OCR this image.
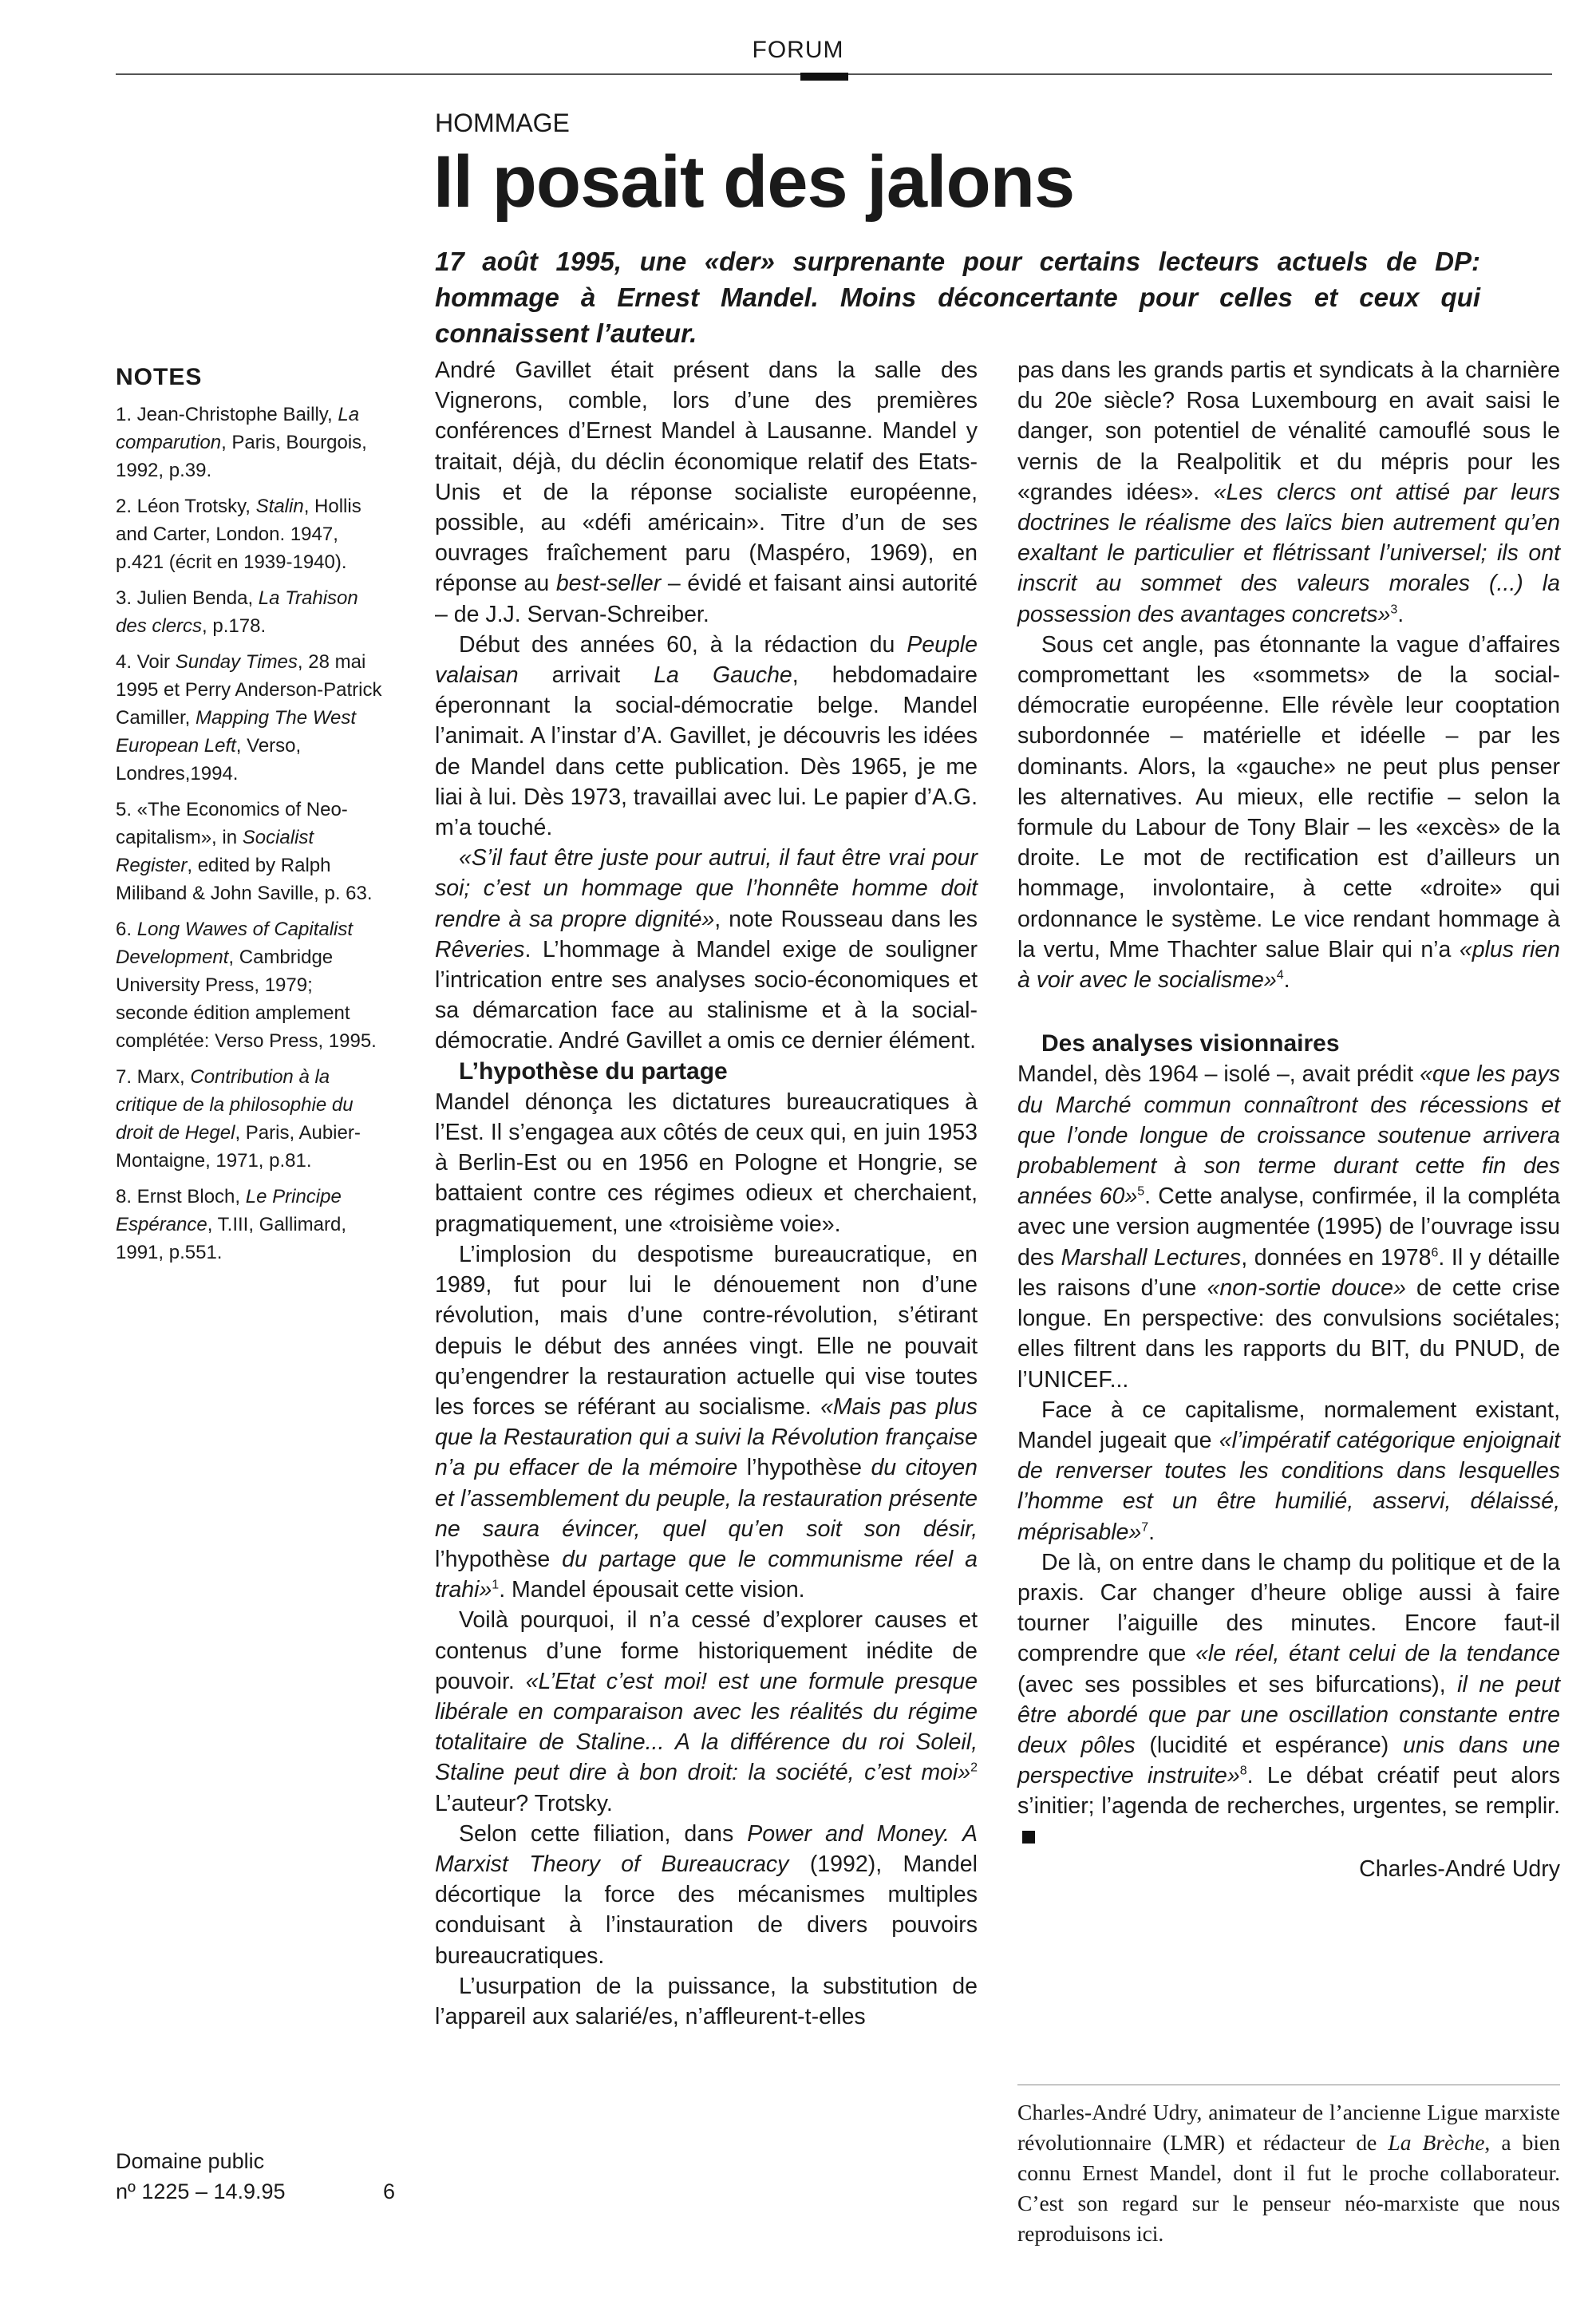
FORUM
HOMMAGE
Il posait des jalons
17 août 1995, une «der» surprenante pour certains lecteurs actuels de DP: hommage à Ernest Mandel. Moins déconcertante pour celles et ceux qui connaissent l’auteur.
NOTES
1. Jean-Christophe Bailly, La comparution, Paris, Bourgois, 1992, p.39.
2. Léon Trotsky, Stalin, Hollis and Carter, London. 1947, p.421 (écrit en 1939-1940).
3. Julien Benda, La Trahison des clercs, p.178.
4. Voir Sunday Times, 28 mai 1995 et Perry Anderson-Patrick Camiller, Mapping The West European Left, Verso, Londres,1994.
5. «The Economics of Neo-capitalism», in Socialist Register, edited by Ralph Miliband & John Saville, p. 63.
6. Long Wawes of Capitalist Development, Cambridge University Press, 1979; seconde édition amplement complétée: Verso Press, 1995.
7. Marx, Contribution à la critique de la philosophie du droit de Hegel, Paris, Aubier-Montaigne, 1971, p.81.
8. Ernst Bloch, Le Principe Espérance, T.III, Gallimard, 1991, p.551.
Domaine public
nº 1225 – 14.9.95	6

André Gavillet était présent dans la salle des Vignerons, comble, lors d’une des premières conférences d’Ernest Mandel à Lausanne. Mandel y traitait, déjà, du déclin économique relatif des Etats-Unis et de la réponse socialiste européenne, possible, au «défi américain». Titre d’un de ses ouvrages fraîchement paru (Maspéro, 1969), en réponse au best-seller – évidé et faisant ainsi autorité – de J.J. Servan-Schreiber.

Début des années 60, à la rédaction du Peuple valaisan arrivait La Gauche, hebdomadaire éperonnant la social-démocratie belge. Mandel l’animait. A l’instar d’A. Gavillet, je découvris les idées de Mandel dans cette publication. Dès 1965, je me liai à lui. Dès 1973, travaillai avec lui. Le papier d’A.G. m’a touché.

«S’il faut être juste pour autrui, il faut être vrai pour soi; c’est un hommage que l’honnête homme doit rendre à sa propre dignité», note Rousseau dans les Rêveries. L’hommage à Mandel exige de souligner l’intrication entre ses analyses socio-économiques et sa démarcation face au stalinisme et à la social-démocratie. André Gavillet a omis ce dernier élément.

L’hypothèse du partage

Mandel dénonça les dictatures bureaucratiques à l’Est. Il s’engagea aux côtés de ceux qui, en juin 1953 à Berlin-Est ou en 1956 en Pologne et Hongrie, se battaient contre ces régimes odieux et cherchaient, pragmatiquement, une «troisième voie».

L’implosion du despotisme bureaucratique, en 1989, fut pour lui le dénouement non d’une révolution, mais d’une contre-révolution, s’étirant depuis le début des années vingt. Elle ne pouvait qu’engendrer la restauration actuelle qui vise toutes les forces se référant au socialisme. «Mais pas plus que la Restauration qui a suivi la Révolution française n’a pu effacer de la mémoire l’hypothèse du citoyen et l’assemblement du peuple, la restauration présente ne saura évincer, quel qu’en soit son désir, l’hypothèse du partage que le communisme réel a trahi»$^1$. Mandel épousait cette vision.

Voilà pourquoi, il n’a cessé d’explorer causes et contenus d’une forme historiquement inédite de pouvoir. «L’Etat c’est moi! est une formule presque libérale en comparaison avec les réalités du régime totalitaire de Staline... A la différence du roi Soleil, Staline peut dire à bon droit: la société, c’est moi»$^2$ L’auteur? Trotsky.

Selon cette filiation, dans Power and Money. A Marxist Theory of Bureaucracy (1992), Mandel décortique la force des mécanismes multiples conduisant à l’instauration de divers pouvoirs bureaucratiques.

L’usurpation de la puissance, la substitution de l’appareil aux salarié/es, n’affleurent-t-elles

pas dans les grands partis et syndicats à la charnière du 20e siècle? Rosa Luxembourg en avait saisi le danger, son potentiel de vénalité camouflé sous le vernis de la Realpolitik et du mépris pour les «grandes idées». «Les clercs ont attisé par leurs doctrines le réalisme des laïcs bien autrement qu’en exaltant le particulier et flétrissant l’universel; ils ont inscrit au sommet des valeurs morales (...) la possession des avantages concrets»$^3$.

Sous cet angle, pas étonnante la vague d’affaires compromettant les «sommets» de la social-démocratie européenne. Elle révèle leur cooptation subordonnée – matérielle et idéelle – par les dominants. Alors, la «gauche» ne peut plus penser les alternatives. Au mieux, elle rectifie – selon la formule du Labour de Tony Blair – les «excès» de la droite. Le mot de rectification est d’ailleurs un hommage, involontaire, à cette «droite» qui ordonnance le système. Le vice rendant hommage à la vertu, Mme Thachter salue Blair qui n’a «plus rien à voir avec le socialisme»$^4$.

Des analyses visionnaires

Mandel, dès 1964 – isolé –, avait prédit «que les pays du Marché commun connaîtront des récessions et que l’onde longue de croissance soutenue arrivera probablement à son terme durant cette fin des années 60»$^5$. Cette analyse, confirmée, il la compléta avec une version augmentée (1995) de l’ouvrage issu des Marshall Lectures, données en 1978$^6$. Il y détaille les raisons d’une «non-sortie douce» de cette crise longue. En perspective: des convulsions sociétales; elles filtrent dans les rapports du BIT, du PNUD, de l’UNICEF...

Face à ce capitalisme, normalement existant, Mandel jugeait que «l’impératif catégorique enjoignait de renverser toutes les conditions dans lesquelles l’homme est un être humilié, asservi, délaissé, méprisable»$^7$.

De là, on entre dans le champ du politique et de la praxis. Car changer d’heure oblige aussi à faire tourner l’aiguille des minutes. Encore faut-il comprendre que «le réel, étant celui de la tendance (avec ses possibles et ses bifurcations), il ne peut être abordé que par une oscillation constante entre deux pôles (lucidité et espérance) unis dans une perspective instruite»$^8$. Le débat créatif peut alors s’initier; l’agenda de recherches, urgentes, se remplir.

Charles-André Udry

Charles-André Udry, animateur de l’ancienne Ligue marxiste révolutionnaire (LMR) et rédacteur de La Brèche, a bien connu Ernest Mandel, dont il fut le proche collaborateur. C’est son regard sur le penseur néo-marxiste que nous reproduisons ici.
